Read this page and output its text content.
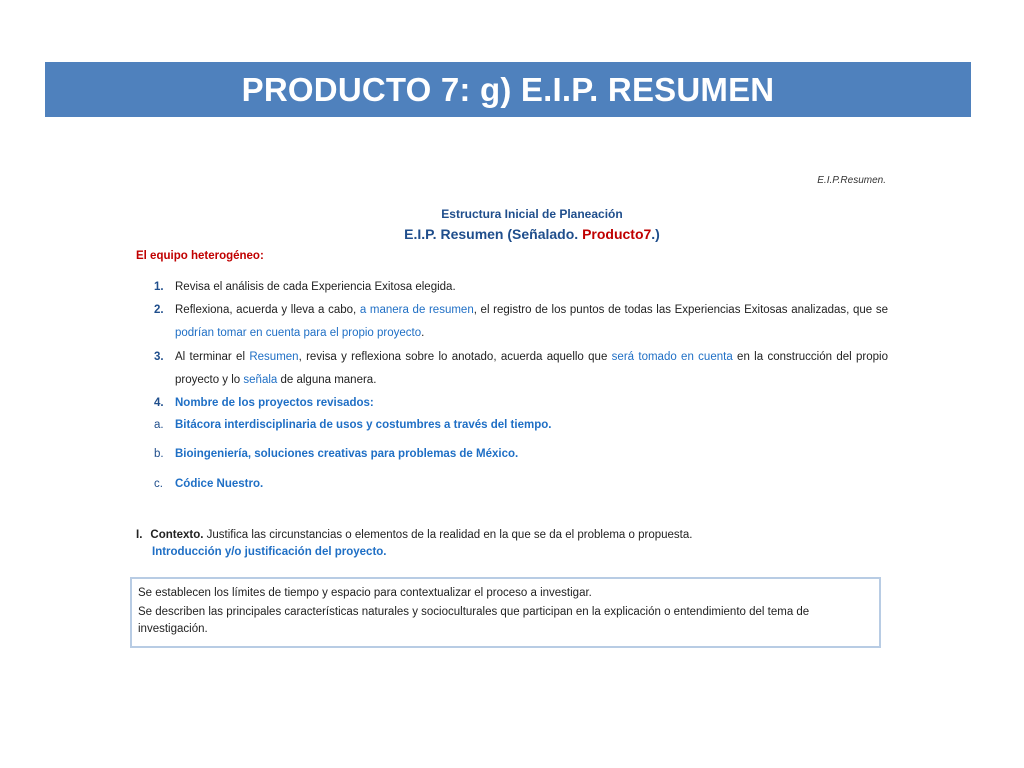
PRODUCTO 7: g) E.I.P. RESUMEN
E.I.P.Resumen.
Estructura Inicial de Planeación
E.I.P. Resumen (Señalado. Producto7.)
El equipo heterogéneo:
1. Revisa el análisis de cada Experiencia Exitosa elegida.
2. Reflexiona, acuerda y lleva a cabo, a manera de resumen, el registro de los puntos de todas las Experiencias Exitosas analizadas, que se podrían tomar en cuenta para el propio proyecto.
3. Al terminar el Resumen, revisa y reflexiona sobre lo anotado, acuerda aquello que será tomado en cuenta en la construcción del propio proyecto y lo señala de alguna manera.
4. Nombre de los proyectos revisados:
a. Bitácora interdisciplinaria de usos y costumbres a través del tiempo.
b. Bioingeniería, soluciones creativas para problemas de México.
c.	Códice Nuestro.
I. Contexto. Justifica las circunstancias o elementos de la realidad en la que se da el problema o propuesta.
Introducción y/o justificación del proyecto.

Se establecen los límites de tiempo y espacio para contextualizar el proceso a investigar.

Se describen las principales características naturales y socioculturales que participan en la explicación o entendimiento del tema de investigación.
